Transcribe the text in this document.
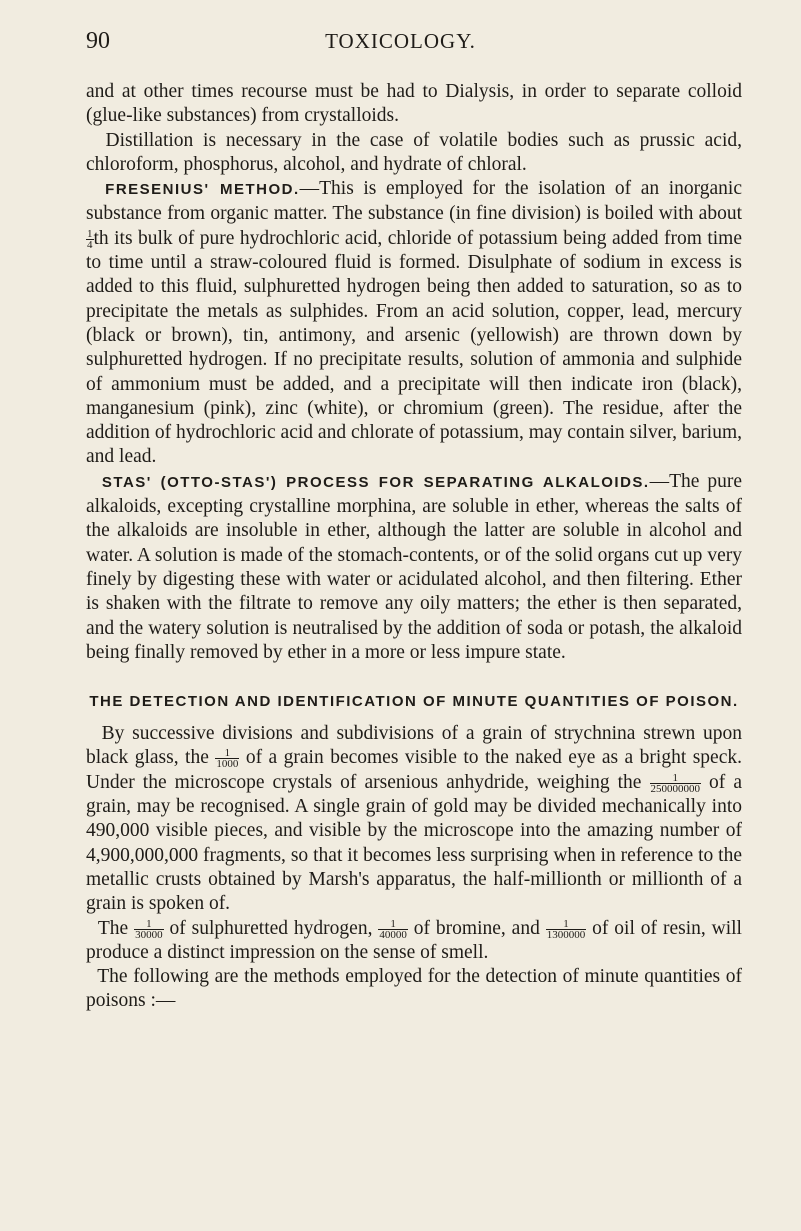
90	TOXICOLOGY.

and at other times recourse must be had to Dialysis, in order to separate colloid (glue-like substances) from crystalloids.

Distillation is necessary in the case of volatile bodies such as prussic acid, chloroform, phosphorus, alcohol, and hydrate of chloral.

FRESENIUS' METHOD.—This is employed for the isolation of an inorganic substance from organic matter. The substance (in fine division) is boiled with about
$\frac{1}{4}$ th its bulk of pure hydrochloric acid, chloride of potassium being added from time to time until a straw-coloured fluid is formed. Disulphate of sodium in excess is added to this fluid, sulphuretted hydrogen being then added to saturation, so as to precipitate the metals as sulphides. From an acid solution, copper, lead, mercury (black or brown), tin, antimony, and arsenic (yellowish) are thrown down by sulphuretted hydrogen. If no precipitate results, solution of ammonia and sulphide of ammonium must be added, and a precipitate will then indicate iron (black), manganesium (pink), zinc (white), or chromium (green). The residue, after the addition of hydrochloric acid and chlorate of potassium, may contain silver, barium, and lead.

STAS' (OTTO-STAS') PROCESS FOR SEPARATING ALKALOIDS.—The pure alkaloids, excepting crystalline morphina, are soluble in ether, whereas the salts of the alkaloids are insoluble in ether, although the latter are soluble in alcohol and water. A solution is made of the stomach-contents, or of the solid organs cut up very finely by digesting these with water or acidulated alcohol, and then filtering. Ether is shaken with the filtrate to remove any oily matters; the ether is then separated, and the watery solution is neutralised by the addition of soda or potash, the alkaloid being finally removed by ether in a more or less impure state.

THE DETECTION AND IDENTIFICATION OF MINUTE QUANTITIES OF POISON.

By successive divisions and subdivisions of a grain of strychnina strewn upon black glass, the $\frac{1}{1000}$ of a grain becomes visible to the naked eye as a bright speck. Under the microscope crystals of arsenious anhydride, weighing the $\frac{1}{250000000}$ of a grain, may be recognised. A single grain of gold may be divided mechanically into 490,000 visible pieces, and visible by the microscope into the amazing number of 4,900,000,000 fragments, so that it becomes less surprising when in reference to the metallic crusts obtained by Marsh's apparatus, the half-millionth or millionth of a grain is spoken of.

The $\frac{1}{30000}$ of sulphuretted hydrogen, $\frac{1}{40000}$ of bromine, and $\frac{1}{1300000}$ of oil of resin, will produce a distinct impression on the sense of smell.

The following are the methods employed for the detection of minute quantities of poisons :—
